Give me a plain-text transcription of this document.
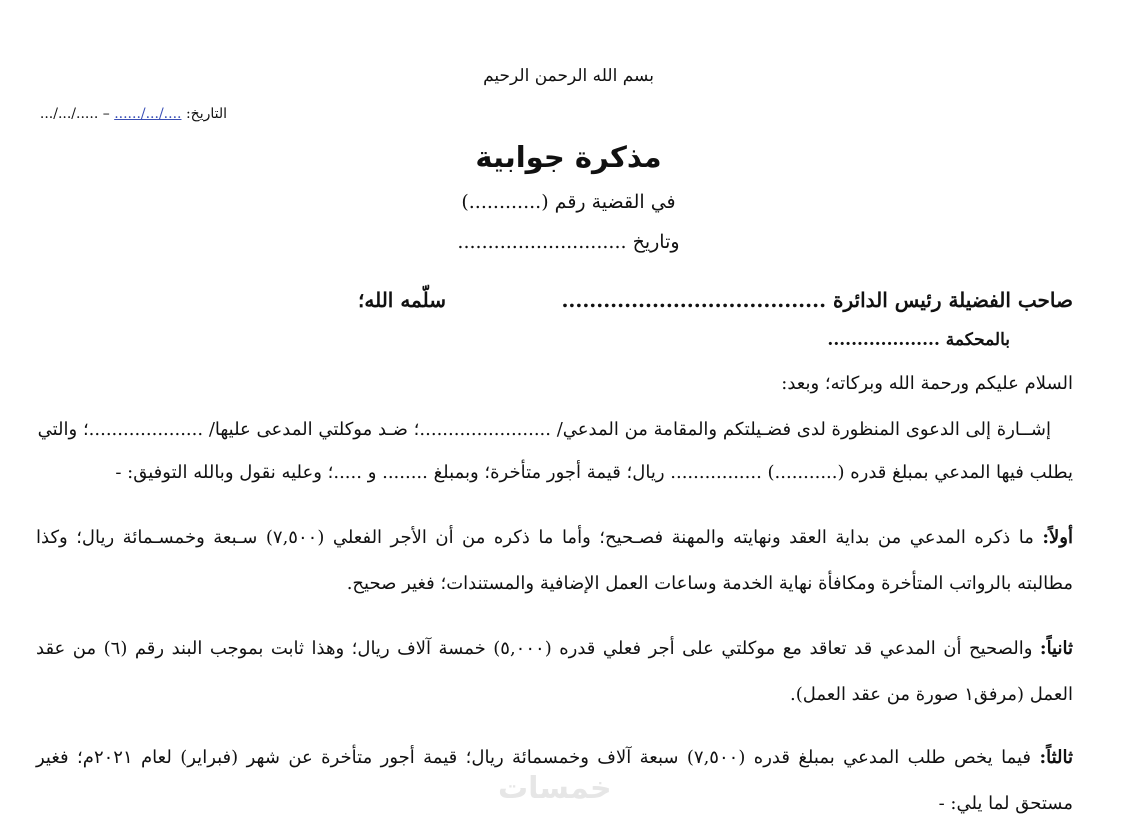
بسم الله الرحمن الرحيم
التاريخ: ..../.../...... – ...../.../...
مذكرة جوابية
في القضية رقم (............)
وتاريخ ............................
صاحب الفضيلة رئيس الدائرة ......................................
سلّمه الله؛
بالمحكمة ...................
السلام عليكم ورحمة الله وبركاته؛ وبعد:
إشــارة إلى الدعوى المنظورة لدى فضـيلتكم والمقامة من المدعي/ .......................؛ ضـد موكلتي المدعى عليها/ ....................؛ والتي
يطلب فيها المدعي بمبلغ قدره (...........) ................ ريال؛ قيمة أجور متأخرة؛ وبمبلغ ........ و .....؛ وعليه نقول وبالله التوفيق: -
أولاً: ما ذكره المدعي من بداية العقد ونهايته والمهنة فصـحيح؛ وأما ما ذكره من أن الأجر الفعلي (٧,٥٠٠) سـبعة وخمسـمائة ريال؛ وكذا مطالبته بالرواتب المتأخرة ومكافأة نهاية الخدمة وساعات العمل الإضافية والمستندات؛ فغير صحيح.
ثانياً: والصحيح أن المدعي قد تعاقد مع موكلتي على أجر فعلي قدره (٥,٠٠٠) خمسة آلاف ريال؛ وهذا ثابت بموجب البند رقم (٦) من عقد العمل (مرفق١ صورة من عقد العمل).
ثالثاً: فيما يخص طلب المدعي بمبلغ قدره (٧,٥٠٠) سبعة آلاف وخمسمائة ريال؛ قيمة أجور متأخرة عن شهر (فبراير) لعام ٢٠٢١م؛ فغير مستحق لما يلي: -
خمسات
